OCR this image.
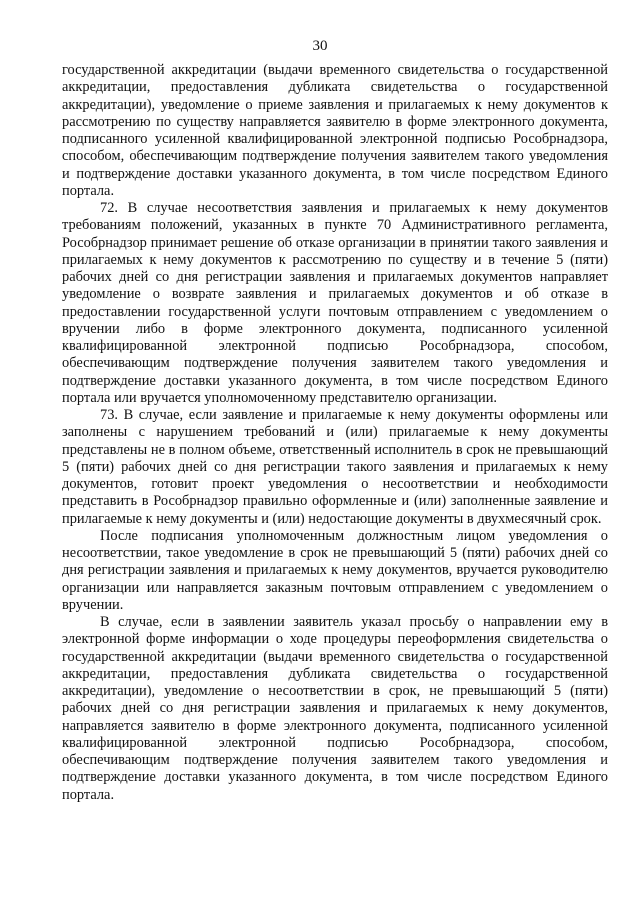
30

государственной аккредитации (выдачи временного свидетельства о государственной аккредитации, предоставления дубликата свидетельства о государственной аккредитации), уведомление о приеме заявления и прилагаемых к нему документов к рассмотрению по существу направляется заявителю в форме электронного документа, подписанного усиленной квалифицированной электронной подписью Рособрнадзора, способом, обеспечивающим подтверждение получения заявителем такого уведомления и подтверждение доставки указанного документа, в том числе посредством Единого портала.

72. В случае несоответствия заявления и прилагаемых к нему документов требованиям положений, указанных в пункте 70 Административного регламента, Рособрнадзор принимает решение об отказе организации в принятии такого заявления и прилагаемых к нему документов к рассмотрению по существу и в течение 5 (пяти) рабочих дней со дня регистрации заявления и прилагаемых документов направляет уведомление о возврате заявления и прилагаемых документов и об отказе в предоставлении государственной услуги почтовым отправлением с уведомлением о вручении либо в форме электронного документа, подписанного усиленной квалифицированной электронной подписью Рособрнадзора, способом, обеспечивающим подтверждение получения заявителем такого уведомления и подтверждение доставки указанного документа, в том числе посредством Единого портала или вручается уполномоченному представителю организации.

73. В случае, если заявление и прилагаемые к нему документы оформлены или заполнены с нарушением требований и (или) прилагаемые к нему документы представлены не в полном объеме, ответственный исполнитель в срок не превышающий 5 (пяти) рабочих дней со дня регистрации такого заявления и прилагаемых к нему документов, готовит проект уведомления о несоответствии и необходимости представить в Рособрнадзор правильно оформленные и (или) заполненные заявление и прилагаемые к нему документы и (или) недостающие документы в двухмесячный срок.

После подписания уполномоченным должностным лицом уведомления о несоответствии, такое уведомление в срок не превышающий 5 (пяти) рабочих дней со дня регистрации заявления и прилагаемых к нему документов, вручается руководителю организации или направляется заказным почтовым отправлением с уведомлением о вручении.

В случае, если в заявлении заявитель указал просьбу о направлении ему в электронной форме информации о ходе процедуры переоформления свидетельства о государственной аккредитации (выдачи временного свидетельства о государственной аккредитации, предоставления дубликата свидетельства о государственной аккредитации), уведомление о несоответствии в срок, не превышающий 5 (пяти) рабочих дней со дня регистрации заявления и прилагаемых к нему документов, направляется заявителю в форме электронного документа, подписанного усиленной квалифицированной электронной подписью Рособрнадзора, способом, обеспечивающим подтверждение получения заявителем такого уведомления и подтверждение доставки указанного документа, в том числе посредством Единого портала.
